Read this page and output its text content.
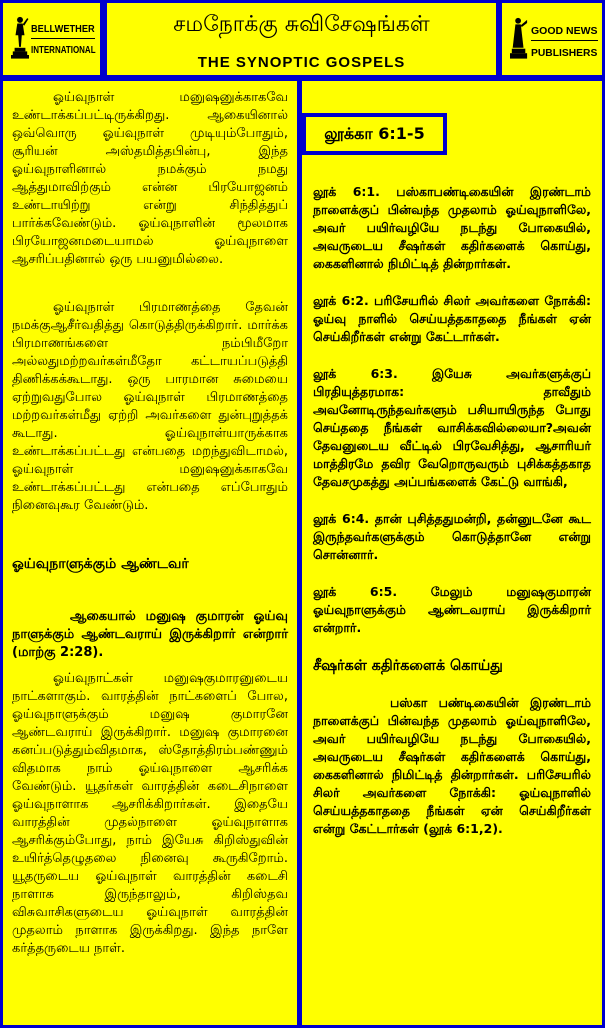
BELLWETHER
INTERNATIONAL
சமநோக்கு சுவிசேஷங்கள்
THE SYNOPTIC GOSPELS
GOOD NEWS
PUBLISHERS

ஓய்வுநாள் மனுஷனுக்காகவே உண்டாக்கப்பட்டிருக்கிறது. ஆகையினால் ஒவ்வொரு ஓய்வுநாள் முடியும்போதும், சூரியன் அஸ்தமித்தபின்பு, இந்த ஓய்வுநாளினால் நமக்கும் நமது ஆத்துமாவிற்கும் என்ன பிரயோஜனம் உண்டாயிற்று என்று சிந்தித்துப் பார்க்கவேண்டும். ஓய்வுநாளின் மூலமாக பிரயோஜனமடையாமல் ஓய்வுநாளை ஆசரிப்பதினால் ஒரு பயனுமில்லை.

ஓய்வுநாள் பிரமாணத்தை தேவன் நமக்குஆசீர்வதித்து கொடுத்திருக்கிறார். மார்க்க பிரமாணங்களை நம்பிமீறோ அல்லதுமற்றவர்கள்மீதோ கட்டாயப்படுத்தி திணிக்கக்கூடாது. ஒரு பாரமான சுமையை ஏற்றுவதுபோல ஓய்வுநாள் பிரமாணத்தை மற்றவர்கள்மீது ஏற்றி அவர்களை துன்புறுத்தக் கூடாது. ஓய்வுநாள்யாருக்காக உண்டாக்கப்பட்டது என்பதை மறந்துவிடாமல், ஓய்வுநாள் மனுஷனுக்காகவே உண்டாக்கப்பட்டது என்பதை எப்போதும் நினைவுகூர வேண்டும்.

ஓய்வுநாளுக்கும் ஆண்டவர்

ஆகையால் மனுஷ குமாரன் ஓய்வு நாளுக்கும் ஆண்டவராய் இருக்கிறார் என்றார் (மாற்கு 2:28).

ஓய்வுநாட்கள் மனுஷகுமாரனுடைய நாட்களாகும். வாரத்தின் நாட்களைப் போல, ஓய்வுநாளுக்கும் மனுஷ குமாரனே ஆண்டவராய் இருக்கிறார். மனுஷ குமாரனை கனப்படுத்தும்விதமாக, ஸ்தோத்திரம்பண்ணும் விதமாக நாம் ஓய்வுநாளை ஆசரிக்க வேண்டும். யூதர்கள் வாரத்தின் கடைசிநாளை ஓய்வுநாளாக ஆசரிக்கிறார்கள். இதையே வாரத்தின் முதல்நாளை ஓய்வுநாளாக ஆசரிக்கும்போது, நாம் இயேசு கிறிஸ்துவின் உயிர்த்தெழுதலை நினைவு கூருகிறோம். யூதருடைய ஓய்வுநாள் வாரத்தின் கடைசி நாளாக இருந்தாலும், கிறிஸ்தவ விசுவாசிகளுடைய ஓய்வுநாள் வாரத்தின் முதலாம் நாளாக இருக்கிறது. இந்த நாளே கர்த்தருடைய நாள்.

லூக்கா 6:1-5

லூக் 6:1. பஸ்காபண்டிகையின் இரண்டாம் நாளைக்குப் பின்வந்த முதலாம் ஓய்வுநாளிலே, அவர் பயிர்வழியே நடந்து போகையில், அவருடைய சீஷர்கள் கதிர்களைக் கொய்து, கைகளினால் நிமிட்டித் தின்றார்கள்.

லூக் 6:2. பரிசேயரில் சிலர் அவர்களை நோக்கி: ஓய்வு நாளில் செய்யத்தகாததை நீங்கள் ஏன் செய்கிறீர்கள் என்று கேட்டார்கள்.

லூக் 6:3. இயேசு அவர்களுக்குப் பிரதியுத்தரமாக: தாவீதும் அவனோடிருந்தவர்களும் பசியாயிருந்த போது செய்ததை நீங்கள் வாசிக்கவில்லையா?அவன் தேவனுடைய வீட்டில் பிரவேசித்து, ஆசாரியர் மாத்திரமே தவிர வேறொருவரும் புசிக்கத்தகாத தேவசமுகத்து அப்பங்களைக் கேட்டு வாங்கி,

லூக் 6:4. தான் புசித்ததுமன்றி, தன்னுடனே கூட இருந்தவர்களுக்கும் கொடுத்தானே என்று சொன்னார்.

லூக் 6:5. மேலும் மனுஷகுமாரன் ஓய்வுநாளுக்கும் ஆண்டவராய் இருக்கிறார் என்றார்.

சீஷர்கள் கதிர்களைக் கொய்து

பஸ்கா பண்டிகையின் இரண்டாம் நாளைக்குப் பின்வந்த முதலாம் ஓய்வுநாளிலே, அவர் பயிர்வழியே நடந்து போகையில், அவருடைய சீஷர்கள் கதிர்களைக் கொய்து, கைகளினால் நிமிட்டித் தின்றார்கள். பரிசேயரில் சிலர் அவர்களை நோக்கி: ஓய்வுநாளில் செய்யத்தகாததை நீங்கள் ஏன் செய்கிறீர்கள் என்று கேட்டார்கள் (லூக் 6:1,2).
